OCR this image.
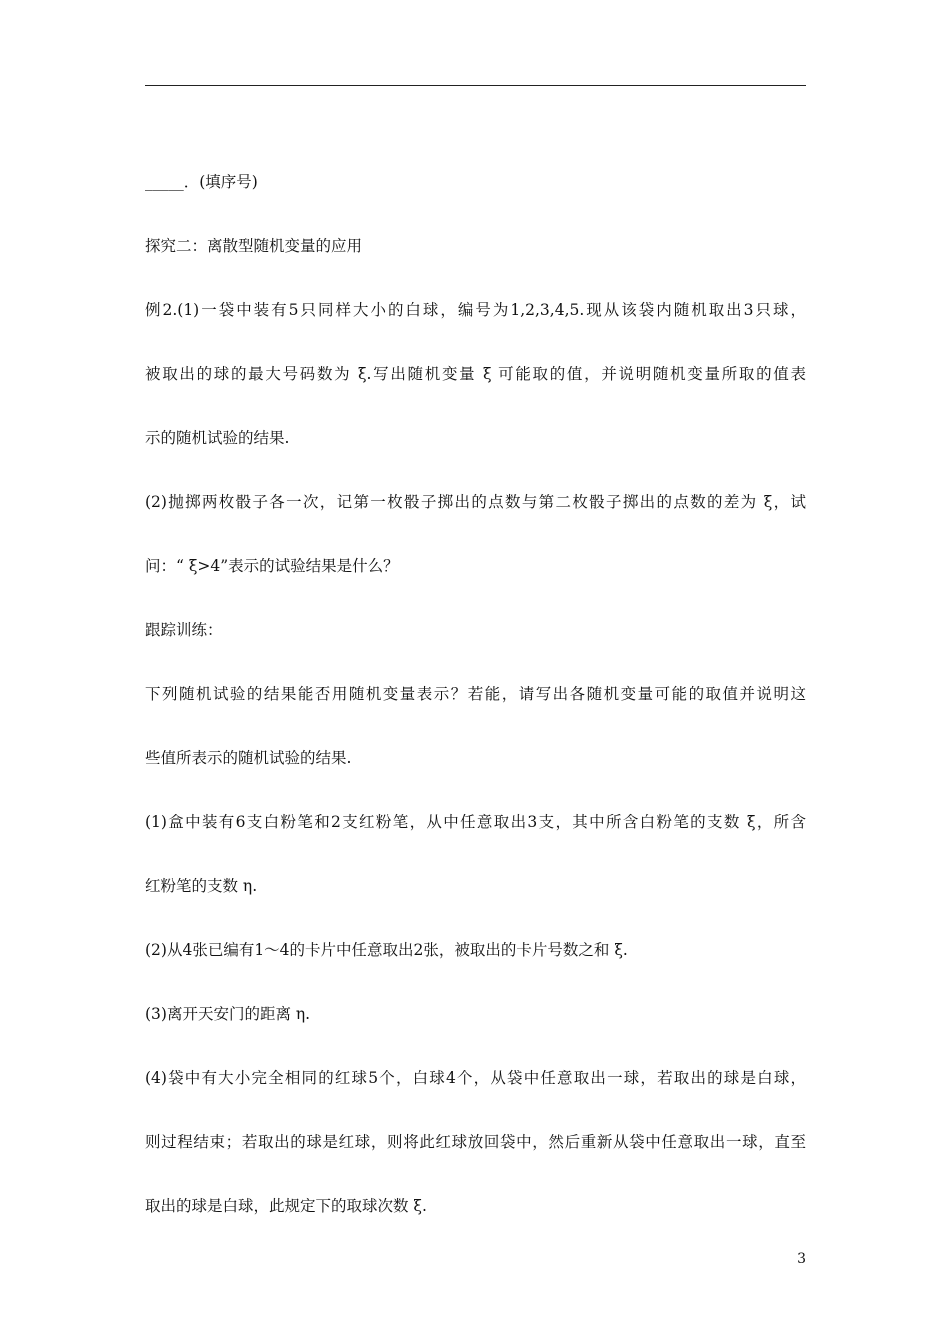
_____．(填序号)
探究二：离散型随机变量的应用
例2.(1)一袋中装有5只同样大小的白球，编号为1,2,3,4,5.现从该袋内随机取出3只球，
被取出的球的最大号码数为 ξ.写出随机变量 ξ 可能取的值，并说明随机变量所取的值表
示的随机试验的结果.
(2)抛掷两枚骰子各一次，记第一枚骰子掷出的点数与第二枚骰子掷出的点数的差为 ξ，试
问：“ ξ>4”表示的试验结果是什么？
跟踪训练：
下列随机试验的结果能否用随机变量表示？若能，请写出各随机变量可能的取值并说明这
些值所表示的随机试验的结果.
(1)盒中装有6支白粉笔和2支红粉笔，从中任意取出3支，其中所含白粉笔的支数 ξ，所含
红粉笔的支数 η.
(2)从4张已编有1～4的卡片中任意取出2张，被取出的卡片号数之和 ξ.
(3)离开天安门的距离 η.
(4)袋中有大小完全相同的红球5个，白球4个，从袋中任意取出一球，若取出的球是白球，
则过程结束；若取出的球是红球，则将此红球放回袋中，然后重新从袋中任意取出一球，直至
取出的球是白球，此规定下的取球次数 ξ.
3
